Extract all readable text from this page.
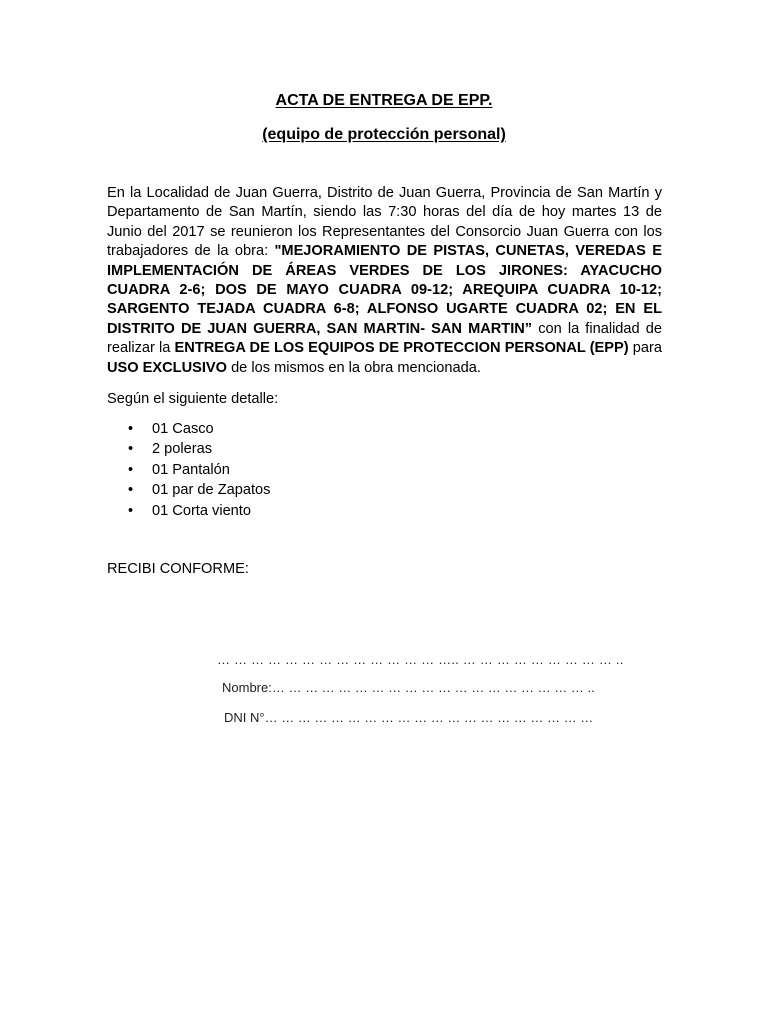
ACTA DE ENTREGA DE EPP.
(equipo de protección personal)
En la Localidad de Juan Guerra, Distrito de Juan Guerra, Provincia de San Martín y Departamento de San Martín, siendo las 7:30 horas del día de hoy martes 13 de Junio del 2017 se reunieron los Representantes del Consorcio Juan Guerra con los trabajadores de la obra: "MEJORAMIENTO DE PISTAS, CUNETAS, VEREDAS E IMPLEMENTACIÓN DE ÁREAS VERDES DE LOS JIRONES: AYACUCHO CUADRA 2-6; DOS DE MAYO CUADRA 09-12; AREQUIPA CUADRA 10-12; SARGENTO TEJADA CUADRA 6-8; ALFONSO UGARTE CUADRA 02; EN EL DISTRITO DE JUAN GUERRA, SAN MARTIN- SAN MARTIN” con la finalidad de realizar la ENTREGA DE LOS EQUIPOS DE PROTECCION PERSONAL (EPP) para USO EXCLUSIVO de los mismos en la obra mencionada.
Según el siguiente detalle:
• 01 Casco
• 2 poleras
• 01 Pantalón
• 01 par de Zapatos
• 01 Corta viento
RECIBI CONFORME:
… … … … … … … … … … … … … ….. … … … … … … … … … ..
Nombre:… … … … … … … … … … … … … … … … … … … ..
DNI N°… … … … … … … … … … … … … … … … … … … …
